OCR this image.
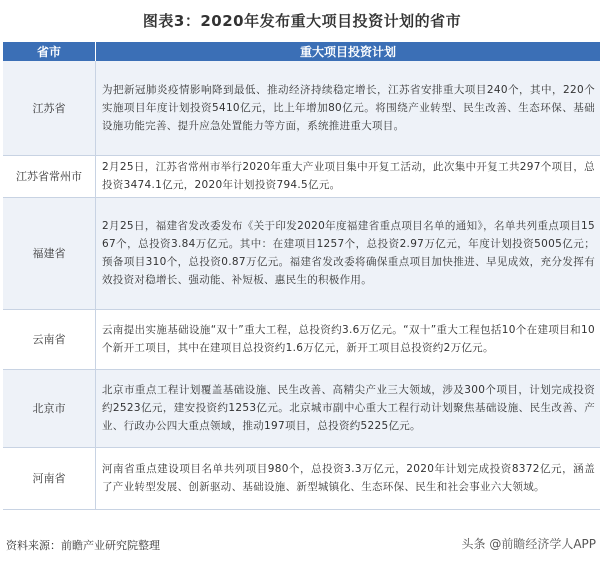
图表3：2020年发布重大项目投资计划的省市
省市	重大项目投资计划
江苏省	为把新冠肺炎疫情影响降到最低、推动经济持续稳定增长，江苏省安排重大项目240个，其中，220个实施项目年度计划投资5410亿元，比上年增加80亿元。将围绕产业转型、民生改善、生态环保、基础设施功能完善、提升应急处置能力等方面，系统推进重大项目。
江苏省常州市	2月25日，江苏省常州市举行2020年重大产业项目集中开复工活动，此次集中开复工共297个项目，总投资3474.1亿元，2020年计划投资794.5亿元。
福建省	2月25日，福建省发改委发布《关于印发2020年度福建省重点项目名单的通知》，名单共列重点项目1567个，总投资3.84万亿元。其中：在建项目1257个，总投资2.97万亿元，年度计划投资5005亿元；预备项目310个，总投资0.87万亿元。福建省发改委将确保重点项目加快推进、早见成效，充分发挥有效投资对稳增长、强动能、补短板、惠民生的积极作用。
云南省	云南提出实施基础设施“双十”重大工程，总投资约3.6万亿元。“双十”重大工程包括10个在建项目和10个新开工项目，其中在建项目总投资约1.6万亿元，新开工项目总投资约2万亿元。
北京市	北京市重点工程计划覆盖基础设施、民生改善、高精尖产业三大领域，涉及300个项目，计划完成投资约2523亿元，建安投资约1253亿元。北京城市副中心重大工程行动计划聚焦基础设施、民生改善、产业、行政办公四大重点领域，推动197项目，总投资约5225亿元。
河南省	河南省重点建设项目名单共列项目980个，总投资3.3万亿元，2020年计划完成投资8372亿元，涵盖了产业转型发展、创新驱动、基础设施、新型城镇化、生态环保、民生和社会事业六大领域。
资料来源：前瞻产业研究院整理	头条 @前瞻经济学人APP
